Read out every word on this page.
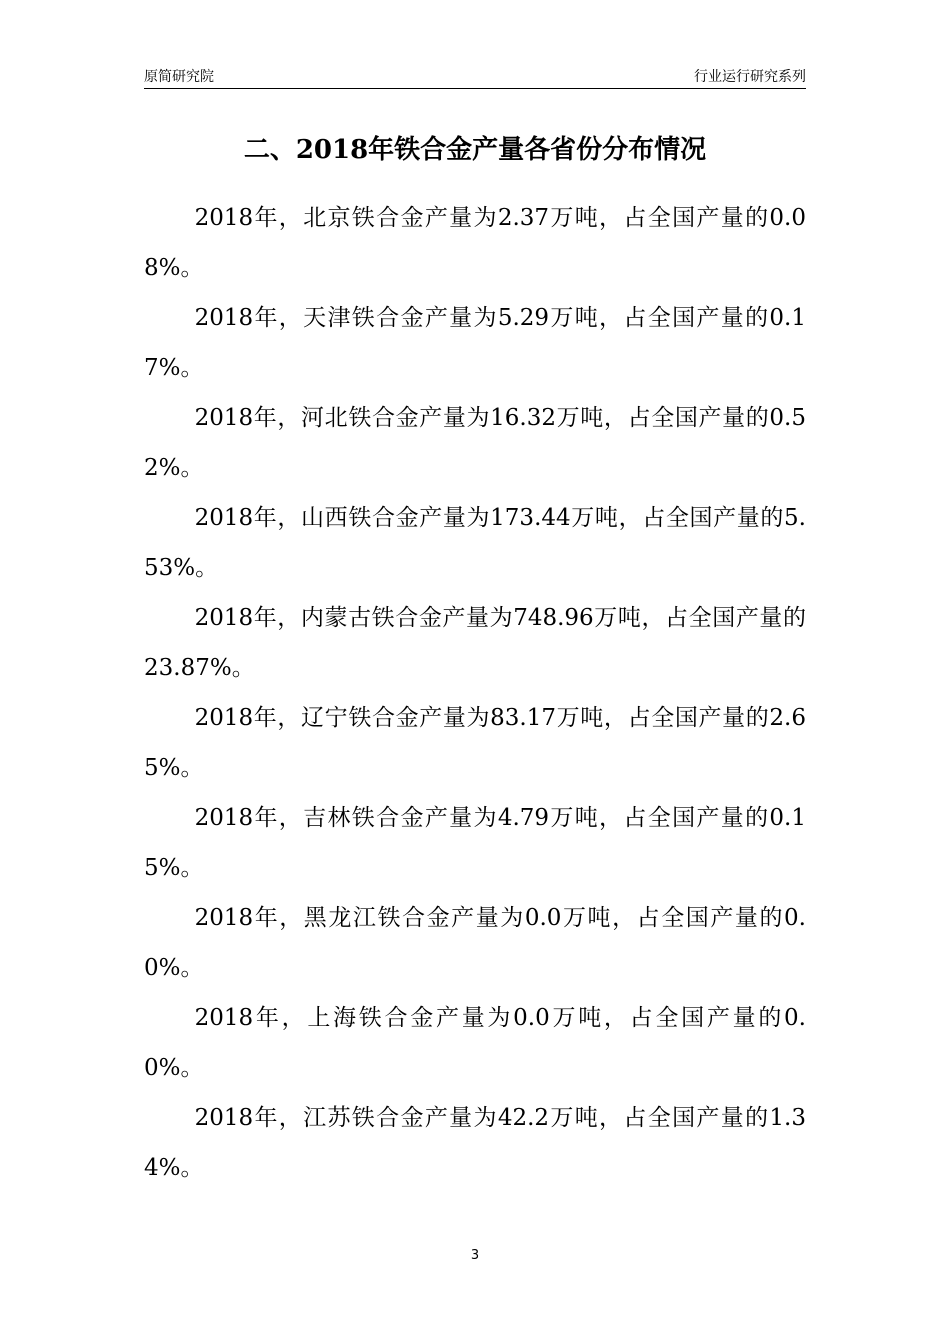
原简研究院	行业运行研究系列
二、2018年铁合金产量各省份分布情况

2018年，北京铁合金产量为2.37万吨，占全国产量的0.08%。

2018年，天津铁合金产量为5.29万吨，占全国产量的0.17%。

2018年，河北铁合金产量为16.32万吨，占全国产量的0.52%。

2018年，山西铁合金产量为173.44万吨，占全国产量的5.53%。

2018年，内蒙古铁合金产量为748.96万吨，占全国产量的23.87%。

2018年，辽宁铁合金产量为83.17万吨，占全国产量的2.65%。

2018年，吉林铁合金产量为4.79万吨，占全国产量的0.15%。

2018年，黑龙江铁合金产量为0.0万吨，占全国产量的0.0%。

2018年，上海铁合金产量为0.0万吨，占全国产量的0.0%。

2018年，江苏铁合金产量为42.2万吨，占全国产量的1.34%。

3
